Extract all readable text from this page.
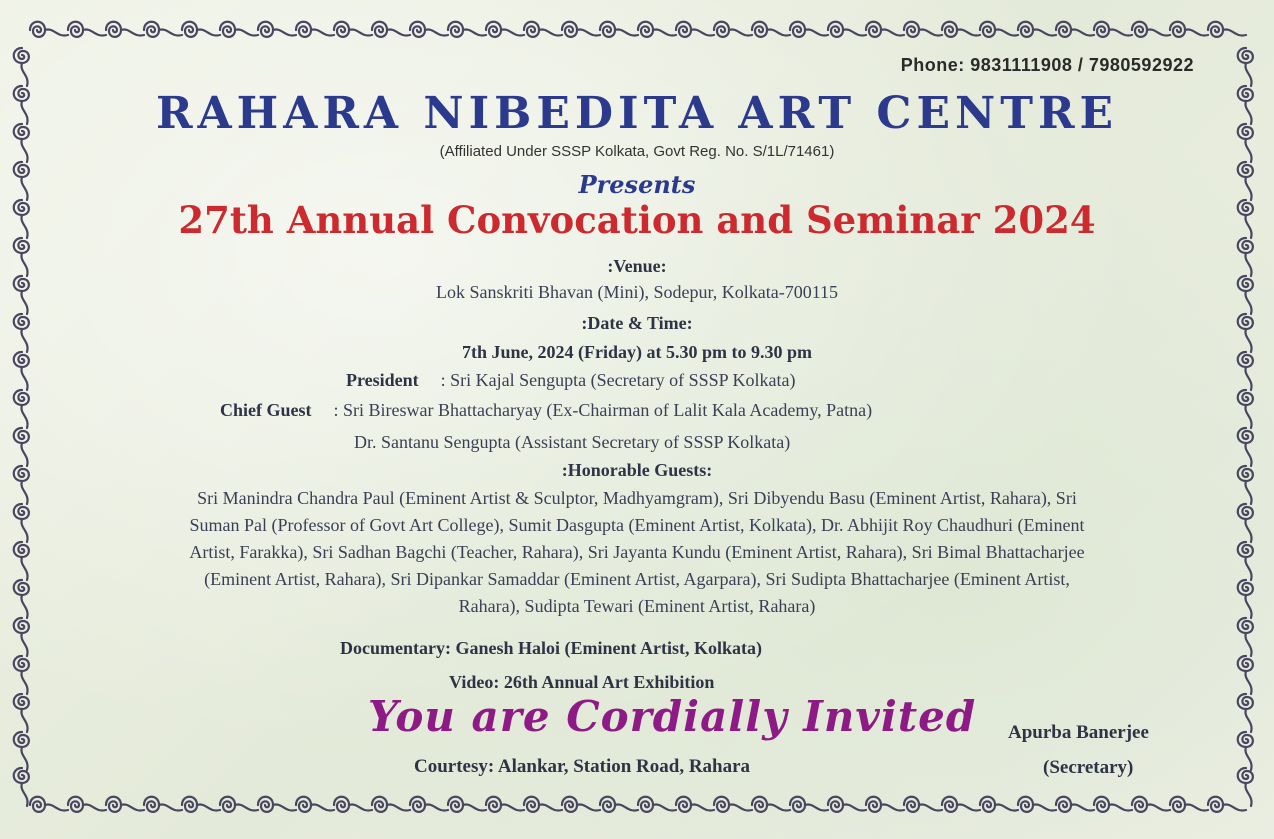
Phone: 9831111908 / 7980592922
RAHARA NIBEDITA ART CENTRE
(Affiliated Under SSSP Kolkata, Govt Reg. No. S/1L/71461)
Presents
27th Annual Convocation and Seminar 2024
:Venue:
Lok Sanskriti Bhavan (Mini), Sodepur, Kolkata-700115
:Date & Time:
7th June, 2024 (Friday) at 5.30 pm to 9.30 pm
President : Sri Kajal Sengupta (Secretary of SSSP Kolkata)
Chief Guest : Sri Bireswar Bhattacharyay (Ex-Chairman of Lalit Kala Academy, Patna)
Dr. Santanu Sengupta (Assistant Secretary of SSSP Kolkata)
:Honorable Guests:
Sri Manindra Chandra Paul (Eminent Artist & Sculptor, Madhyamgram), Sri Dibyendu Basu (Eminent Artist, Rahara), Sri
Suman Pal (Professor of Govt Art College), Sumit Dasgupta (Eminent Artist, Kolkata), Dr. Abhijit Roy Chaudhuri (Eminent
Artist, Farakka), Sri Sadhan Bagchi (Teacher, Rahara), Sri Jayanta Kundu (Eminent Artist, Rahara), Sri Bimal Bhattacharjee
(Eminent Artist, Rahara), Sri Dipankar Samaddar (Eminent Artist, Agarpara), Sri Sudipta Bhattacharjee (Eminent Artist,
Rahara), Sudipta Tewari (Eminent Artist, Rahara)
Documentary: Ganesh Haloi (Eminent Artist, Kolkata)
Video: 26th Annual Art Exhibition
You are Cordially Invited
Courtesy: Alankar, Station Road, Rahara
Apurba Banerjee
(Secretary)
